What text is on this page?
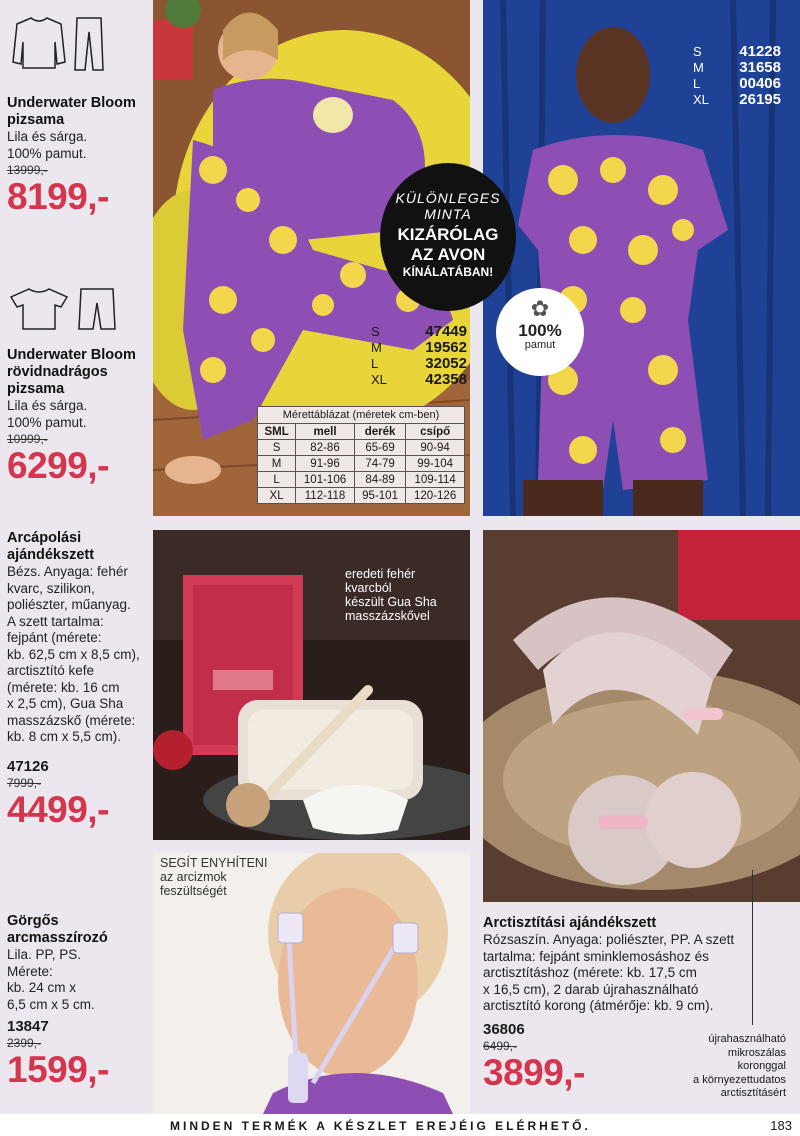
eredeti fehér
kvarcból
készült Gua Sha
masszázskővel
SEGÍT ENYHÍTENI
az arcizmok
feszültségét
KÜLÖNLEGES
MINTA
KIZÁRÓLAG
AZ AVON
KÍNÁLATÁBAN!
✿
100%
pamut
S	47449
M	19562
L	32052
XL	42358
S	41228
M 31658
L	00406
XL 26195
Mérettáblázat (méretek cm-ben)
SML	mell	derék	csípő
S	82-86	65-69	90-94
M	91-96	74-79	99-104
L	101-106	84-89	109-114
XL	112-118	95-101	120-126
Underwater Bloom
pizsama
Lila és sárga.
100% pamut.
13999,-
8199,-
Underwater Bloom
rövidnadrágos
pizsama
Lila és sárga.
100% pamut.
10999,-
6299,-
Arcápolási
ajándékszett
Bézs. Anyaga: fehér
kvarc, szilikon,
poliészter, műanyag.
A szett tartalma:
fejpánt (mérete:
kb. 62,5 cm x 8,5 cm),
arctisztító kefe
(mérete: kb. 16 cm
x 2,5 cm), Gua Sha
masszázskő (mérete:
kb. 8 cm x 5,5 cm).
47126
7999,-
4499,-
Görgős
arcmasszírozó
Lila. PP, PS.
Mérete:
kb. 24 cm x
6,5 cm x 5 cm.
13847
2399,-
1599,-
Arctisztítási ajándékszett
Rózsaszín. Anyaga: poliészter, PP. A szett
tartalma: fejpánt sminklemosáshoz és
arctisztításhoz (mérete: kb. 17,5 cm
x 16,5 cm), 2 darab újrahasználható
arctisztító korong (átmérője: kb. 9 cm).
36806
6499,-
3899,-
újrahasználható
mikroszálas
koronggal
a környezettudatos
arctisztításért
MINDEN TERMÉK A KÉSZLET EREJÉIG ELÉRHETŐ.	183
